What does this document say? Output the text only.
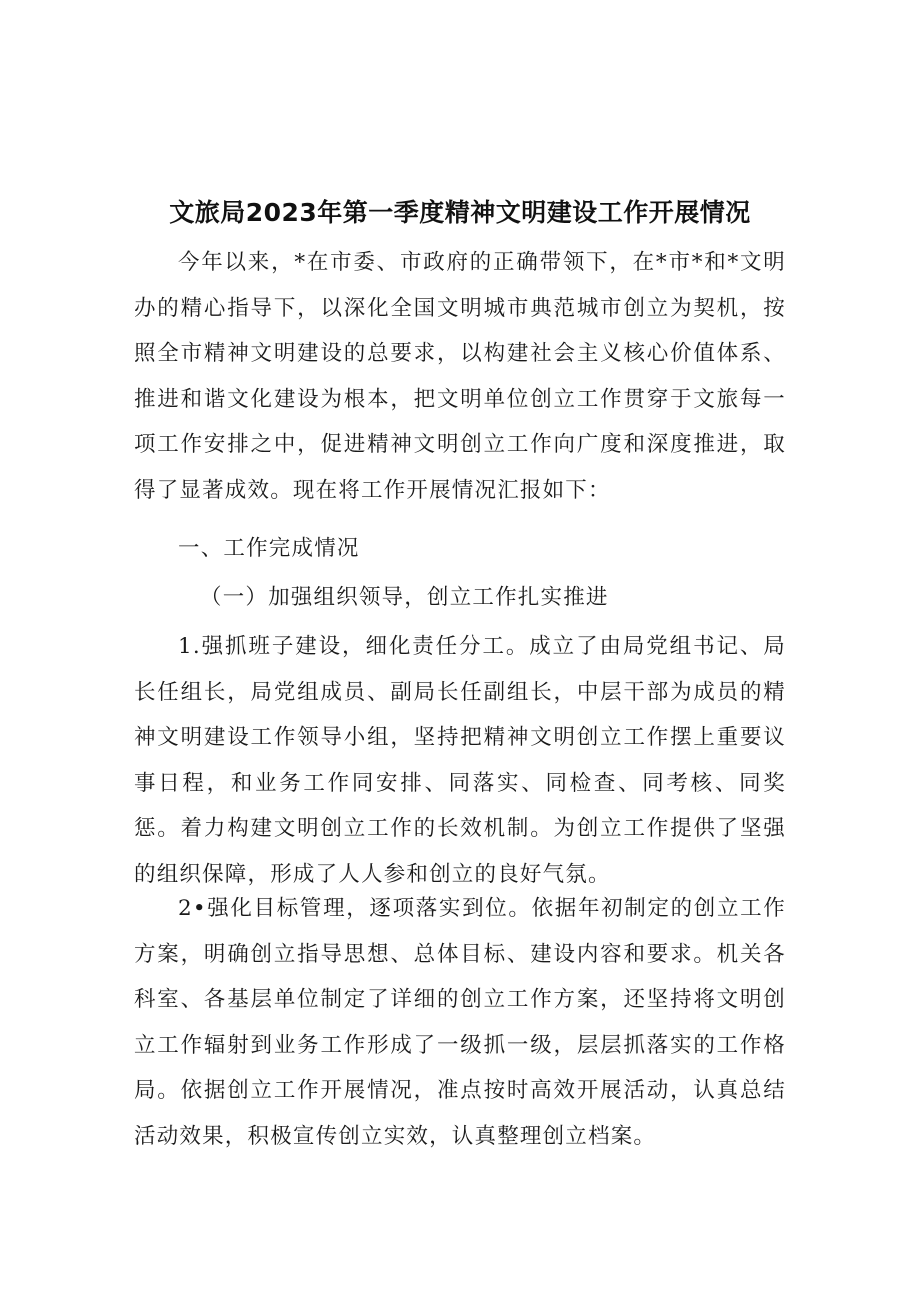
文旅局2023年第一季度精神文明建设工作开展情况

今年以来，*在市委、市政府的正确带领下，在*市*和*文明办的精心指导下，以深化全国文明城市典范城市创立为契机，按照全市精神文明建设的总要求，以构建社会主义核心价值体系、推进和谐文化建设为根本，把文明单位创立工作贯穿于文旅每一项工作安排之中，促进精神文明创立工作向广度和深度推进，取得了显著成效。现在将工作开展情况汇报如下：

一、工作完成情况

（一）加强组织领导，创立工作扎实推进

1.强抓班子建设，细化责任分工。成立了由局党组书记、局长任组长，局党组成员、副局长任副组长，中层干部为成员的精神文明建设工作领导小组，坚持把精神文明创立工作摆上重要议事日程，和业务工作同安排、同落实、同检查、同考核、同奖惩。着力构建文明创立工作的长效机制。为创立工作提供了坚强的组织保障，形成了人人参和创立的良好气氛。

2•强化目标管理，逐项落实到位。依据年初制定的创立工作方案，明确创立指导思想、总体目标、建设内容和要求。机关各科室、各基层单位制定了详细的创立工作方案，还坚持将文明创立工作辐射到业务工作形成了一级抓一级，层层抓落实的工作格局。依据创立工作开展情况，准点按时高效开展活动，认真总结活动效果，积极宣传创立实效，认真整理创立档案。
